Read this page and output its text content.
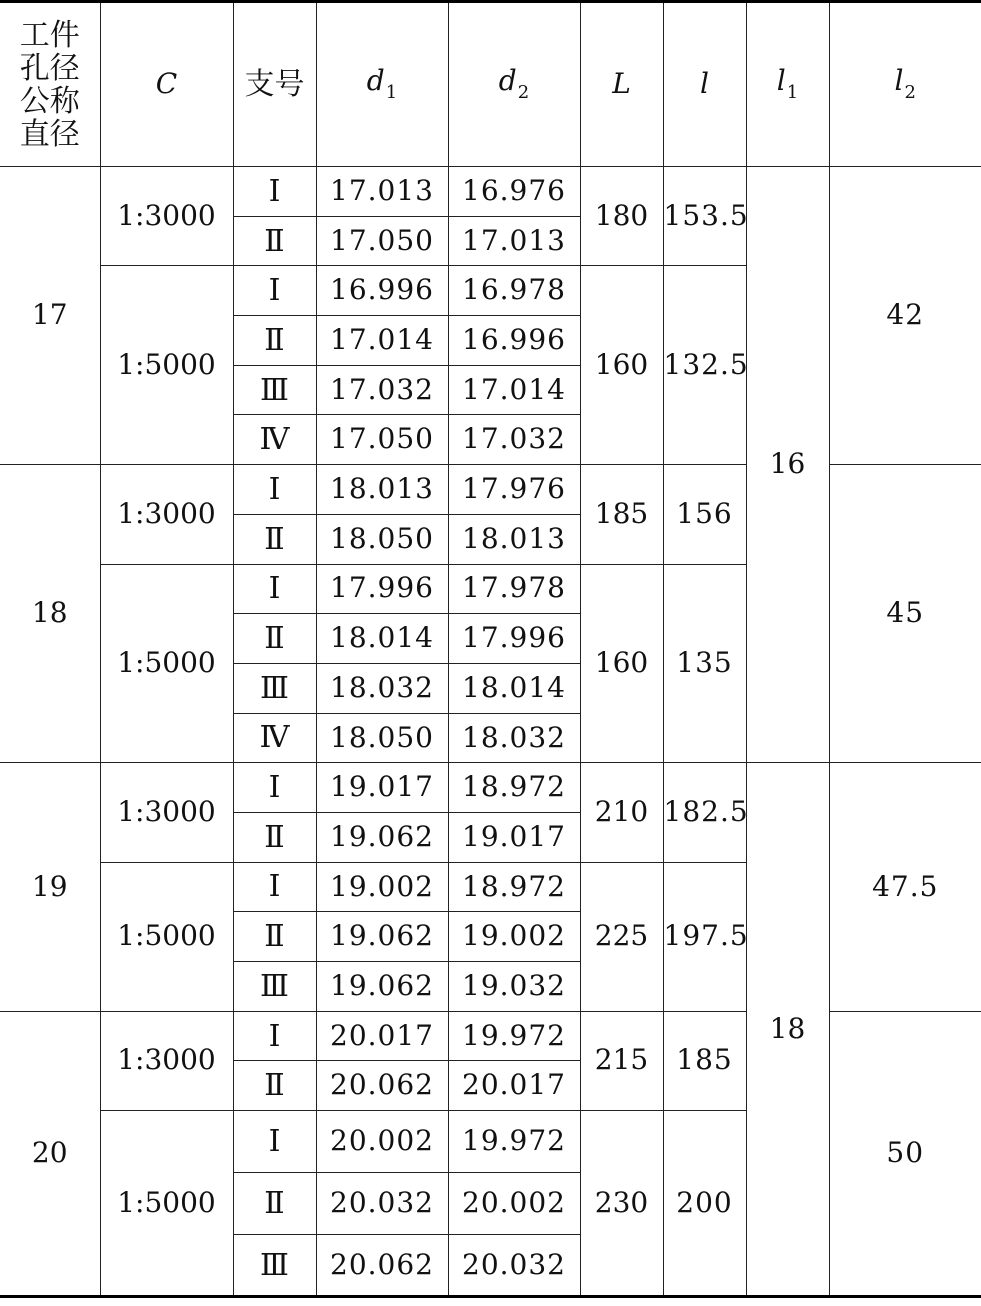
工件孔径公称直径	C	支号	$d_1$	$d_2$	L	l	$l_1$	$l_2$
17	1:3000	Ⅰ	17.013	16.976	180	153.5	16	42
		Ⅱ	17.050	17.013				
	1:5000	Ⅰ	16.996	16.978	160	132.5		
		Ⅱ	17.014	16.996				
		Ⅲ	17.032	17.014				
		Ⅳ	17.050	17.032				
18	1:3000	Ⅰ	18.013	17.976	185	156		45
		Ⅱ	18.050	18.013				
	1:5000	Ⅰ	17.996	17.978	160	135		
		Ⅱ	18.014	17.996				
		Ⅲ	18.032	18.014				
		Ⅳ	18.050	18.032				
19	1:3000	Ⅰ	19.017	18.972	210	182.5	18	47.5
		Ⅱ	19.062	19.017				
	1:5000	Ⅰ	19.002	18.972	225	197.5		
		Ⅱ	19.062	19.002				
		Ⅲ	19.062	19.032				
20	1:3000	Ⅰ	20.017	19.972	215	185		50
		Ⅱ	20.062	20.017				
	1:5000	Ⅰ	20.002	19.972	230	200		
		Ⅱ	20.032	20.002				
		Ⅲ	20.062	20.032				
